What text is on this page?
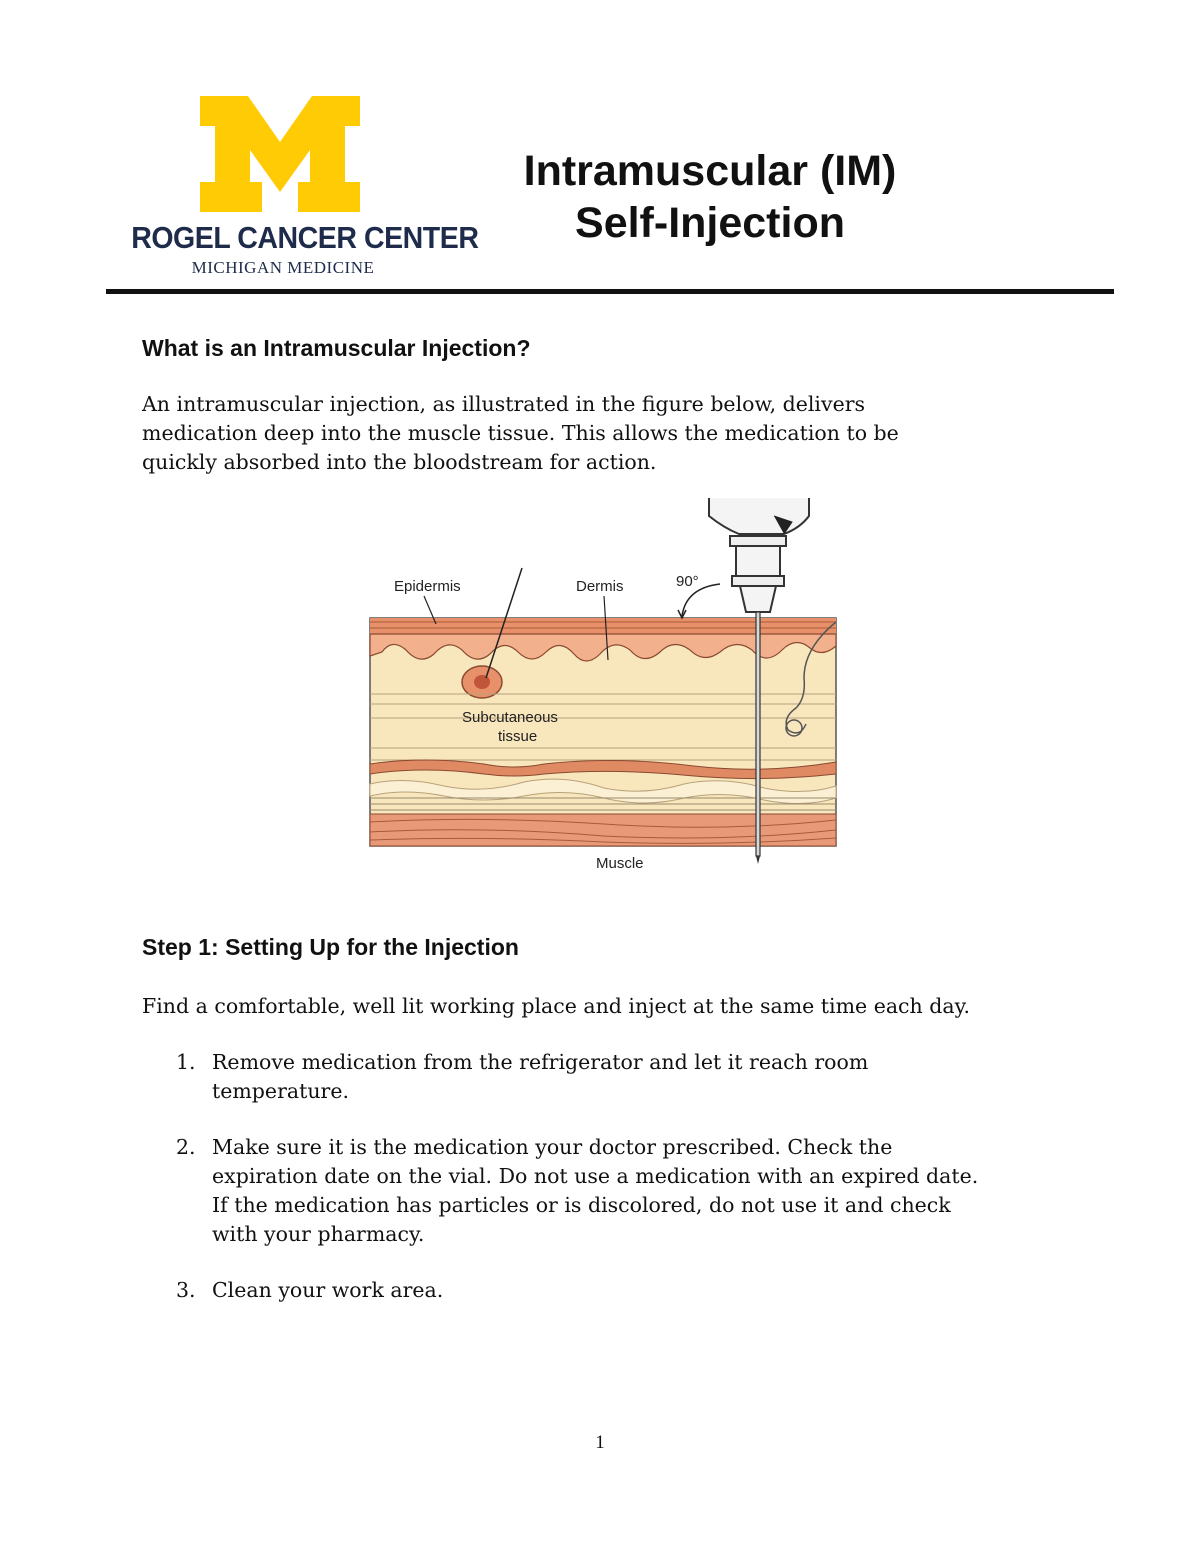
ROGEL CANCER CENTER
MICHIGAN MEDICINE
Intramuscular (IM)
Self-Injection
What is an Intramuscular Injection?
An intramuscular injection, as illustrated in the figure below, delivers
medication deep into the muscle tissue. This allows the medication to be
quickly absorbed into the bloodstream for action.
Epidermis	Dermis	90°
Subcutaneous
tissue
Muscle
Step 1: Setting Up for the Injection
Find a comfortable, well lit working place and inject at the same time each day.
1. Remove medication from the refrigerator and let it reach room
temperature.
2. Make sure it is the medication your doctor prescribed. Check the
expiration date on the vial. Do not use a medication with an expired date.
If the medication has particles or is discolored, do not use it and check
with your pharmacy.
3. Clean your work area.
1
